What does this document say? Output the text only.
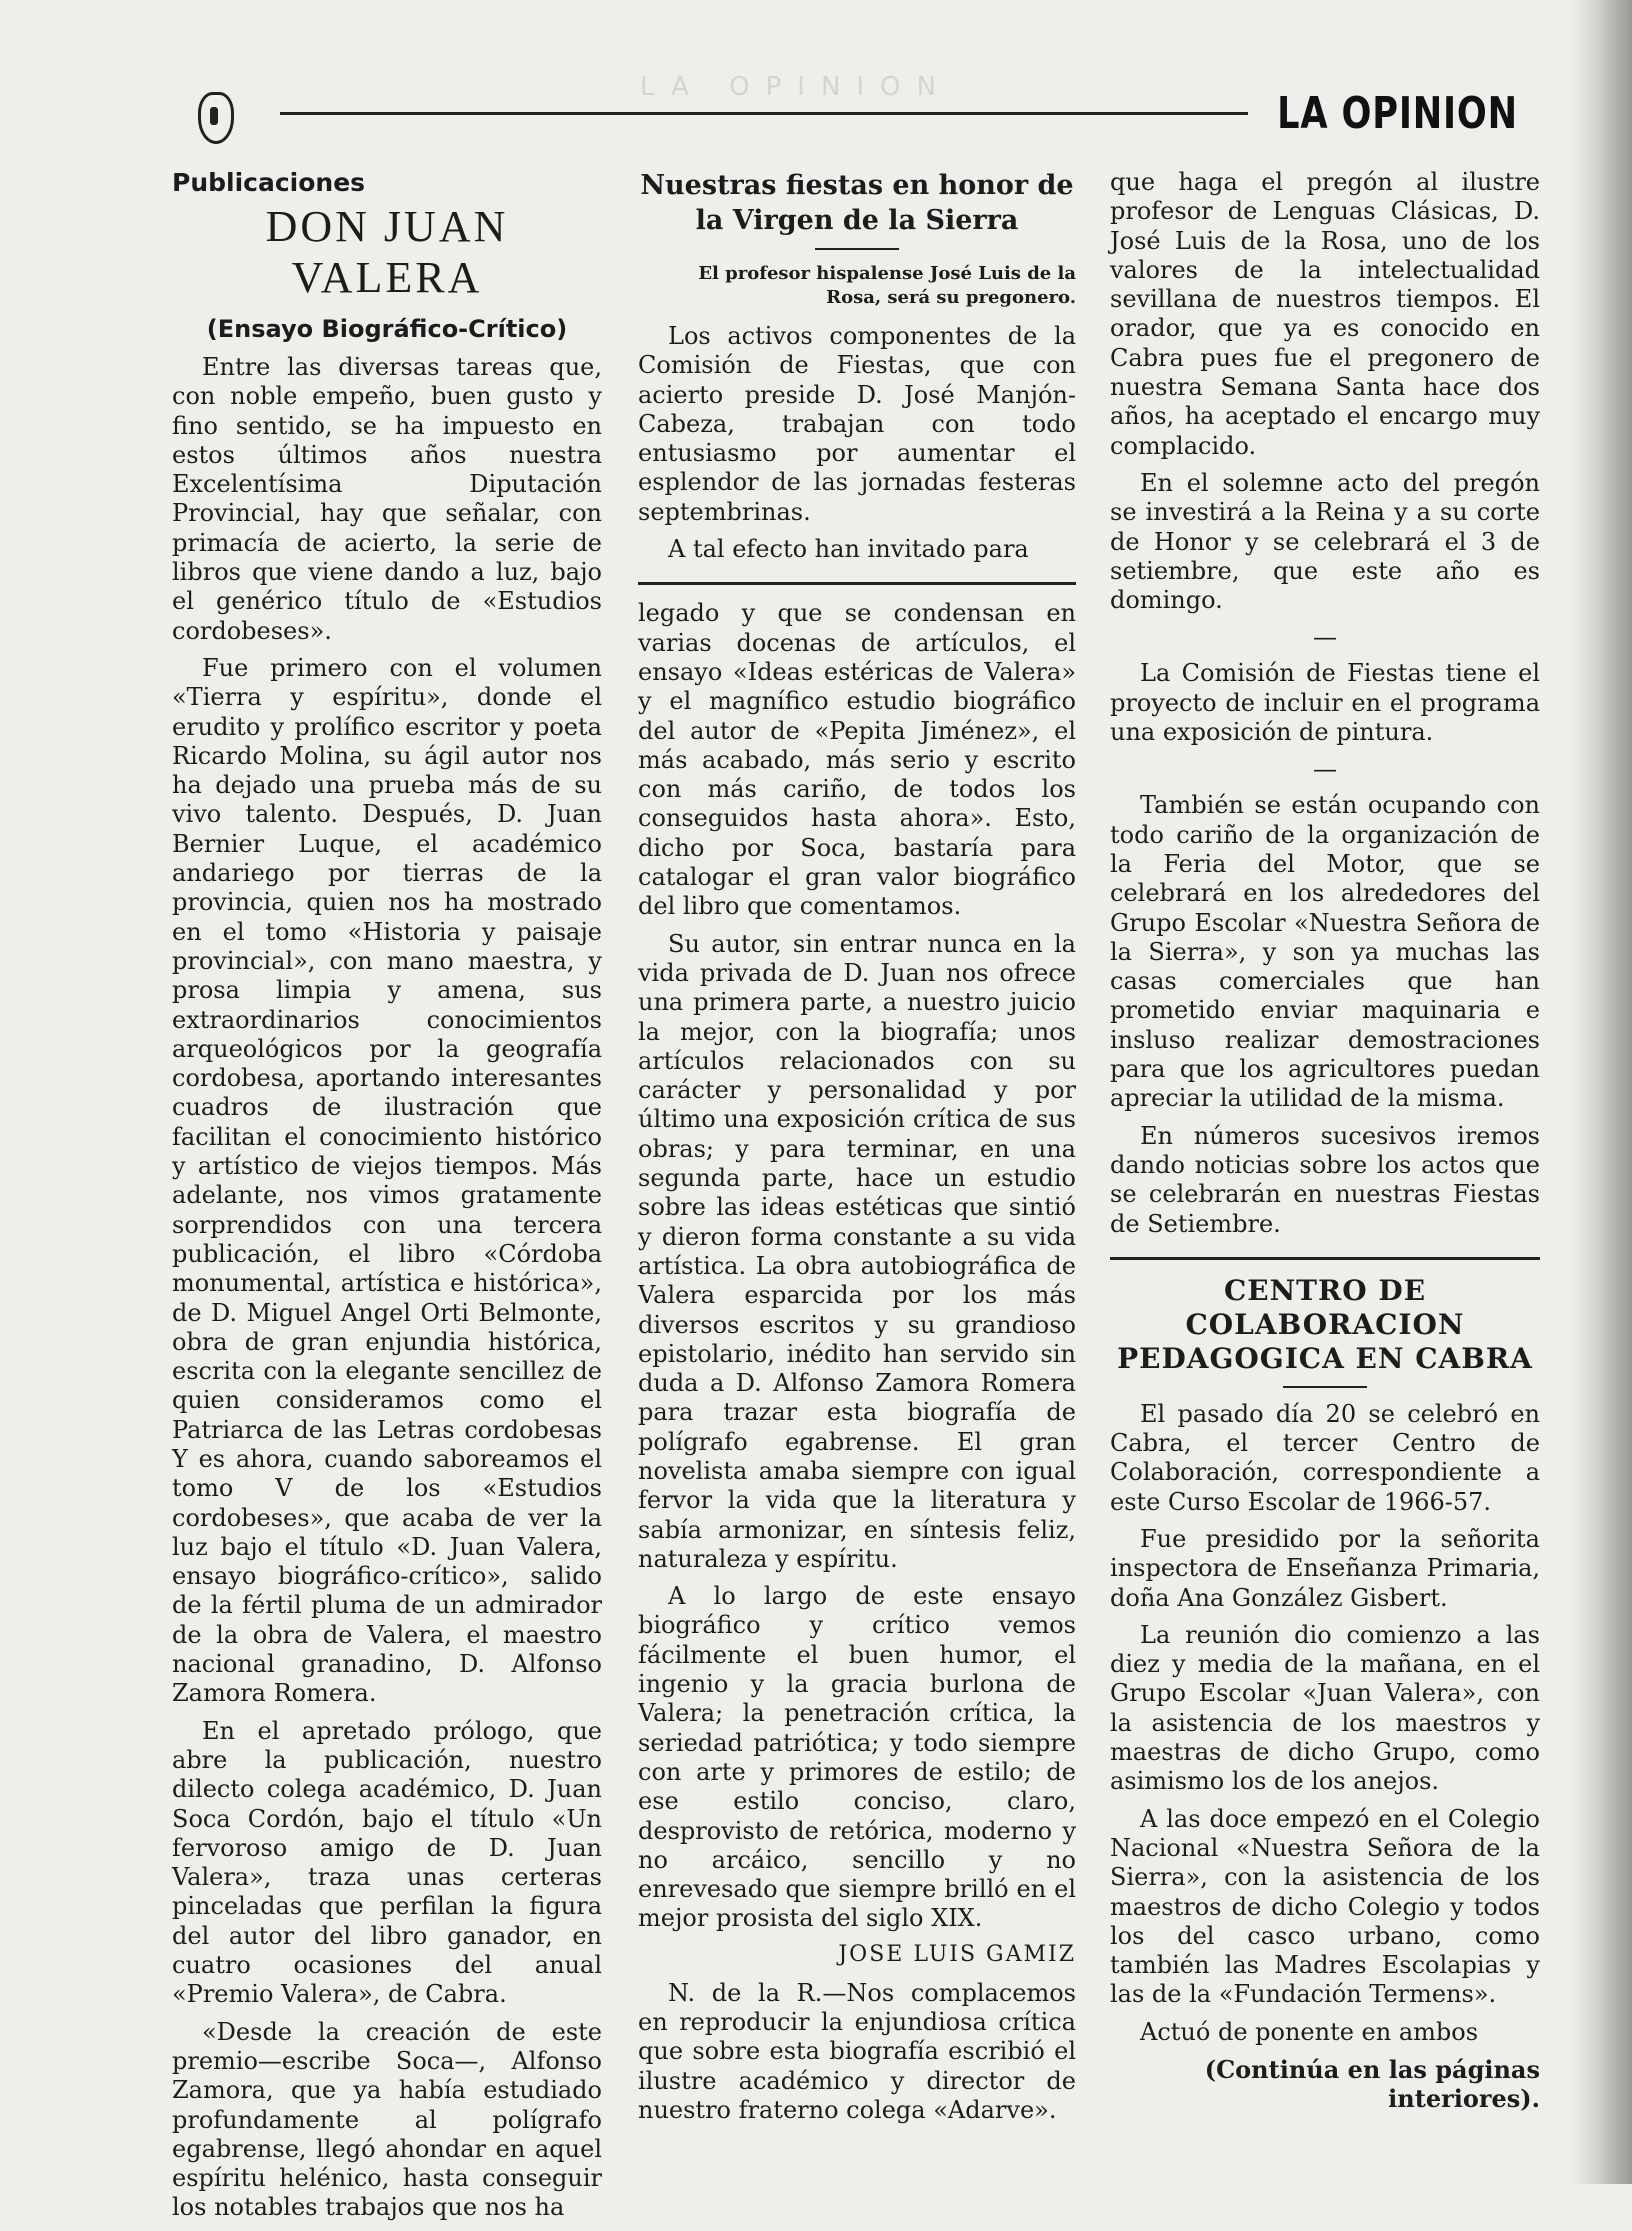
LA OPINION
LA OPINION
Publicaciones
DON JUAN VALERA
(Ensayo Biográfico-Crítico)

Entre las diversas tareas que, con noble empeño, buen gusto y fino sentido, se ha impuesto en estos últimos años nuestra Excelentísima Diputación Provincial, hay que señalar, con primacía de acierto, la serie de libros que viene dando a luz, bajo el genérico título de «Estudios cordobeses».

Fue primero con el volumen «Tierra y espíritu», donde el erudito y prolífico escritor y poeta Ricardo Molina, su ágil autor nos ha dejado una prueba más de su vivo talento. Después, D. Juan Bernier Luque, el académico andariego por tierras de la provincia, quien nos ha mostrado en el tomo «Historia y paisaje provincial», con mano maestra, y prosa limpia y amena, sus extraordinarios conocimientos arqueológicos por la geografía cordobesa, aportando interesantes cuadros de ilustración que facilitan el conocimiento histórico y artístico de viejos tiempos. Más adelante, nos vimos gratamente sorprendidos con una tercera publicación, el libro «Córdoba monumental, artística e histórica», de D. Miguel Angel Orti Belmonte, obra de gran enjundia histórica, escrita con la elegante sencillez de quien consideramos como el Patriarca de las Letras cordobesas Y es ahora, cuando saboreamos el tomo V de los «Estudios cordobeses», que acaba de ver la luz bajo el título «D. Juan Valera, ensayo biográfico-crítico», salido de la fértil pluma de un admirador de la obra de Valera, el maestro nacional granadino, D. Alfonso Zamora Romera.

En el apretado prólogo, que abre la publicación, nuestro dilecto colega académico, D. Juan Soca Cordón, bajo el título «Un fervoroso amigo de D. Juan Valera», traza unas certeras pinceladas que perfilan la figura del autor del libro ganador, en cuatro ocasiones del anual «Premio Valera», de Cabra.

«Desde la creación de este premio—escribe Soca—, Alfonso Zamora, que ya había estudiado profundamente al polígrafo egabrense, llegó ahondar en aquel espíritu helénico, hasta conseguir los notables trabajos que nos ha

Nuestras fiestas en honor de la Virgen de la Sierra
El profesor hispalense José Luis de la Rosa, será su pregonero.

Los activos componentes de la Comisión de Fiestas, que con acierto preside D. José Manjón-Cabeza, trabajan con todo entusiasmo por aumentar el esplendor de las jornadas festeras septembrinas.

A tal efecto han invitado para

legado y que se condensan en varias docenas de artículos, el ensayo «Ideas estéricas de Valera» y el magnífico estudio biográfico del autor de «Pepita Jiménez», el más acabado, más serio y escrito con más cariño, de todos los conseguidos hasta ahora». Esto, dicho por Soca, bastaría para catalogar el gran valor biográfico del libro que comentamos.

Su autor, sin entrar nunca en la vida privada de D. Juan nos ofrece una primera parte, a nuestro juicio la mejor, con la biografía; unos artículos relacionados con su carácter y personalidad y por último una exposición crítica de sus obras; y para terminar, en una segunda parte, hace un estudio sobre las ideas estéticas que sintió y dieron forma constante a su vida artística. La obra autobiográfica de Valera esparcida por los más diversos escritos y su grandioso epistolario, inédito han servido sin duda a D. Alfonso Zamora Romera para trazar esta biografía de polígrafo egabrense. El gran novelista amaba siempre con igual fervor la vida que la literatura y sabía armonizar, en síntesis feliz, naturaleza y espíritu.

A lo largo de este ensayo biográfico y crítico vemos fácilmente el buen humor, el ingenio y la gracia burlona de Valera; la penetración crítica, la seriedad patriótica; y todo siempre con arte y primores de estilo; de ese estilo conciso, claro, desprovisto de retórica, moderno y no arcáico, sencillo y no enrevesado que siempre brilló en el mejor prosista del siglo XIX.

JOSE LUIS GAMIZ

N. de la R.—Nos complacemos en reproducir la enjundiosa crítica que sobre esta biografía escribió el ilustre académico y director de nuestro fraterno colega «Adarve».

que haga el pregón al ilustre profesor de Lenguas Clásicas, D. José Luis de la Rosa, uno de los valores de la intelectualidad sevillana de nuestros tiempos. El orador, que ya es conocido en Cabra pues fue el pregonero de nuestra Semana Santa hace dos años, ha aceptado el encargo muy complacido.

En el solemne acto del pregón se investirá a la Reina y a su corte de Honor y se celebrará el 3 de setiembre, que este año es domingo.

—

La Comisión de Fiestas tiene el proyecto de incluir en el programa una exposición de pintura.

—

También se están ocupando con todo cariño de la organización de la Feria del Motor, que se celebrará en los alrededores del Grupo Escolar «Nuestra Señora de la Sierra», y son ya muchas las casas comerciales que han prometido enviar maquinaria e insluso realizar demostraciones para que los agricultores puedan apreciar la utilidad de la misma.

En números sucesivos iremos dando noticias sobre los actos que se celebrarán en nuestras Fiestas de Setiembre.

CENTRO DE COLABORACION PEDAGOGICA EN CABRA

El pasado día 20 se celebró en Cabra, el tercer Centro de Colaboración, correspondiente a este Curso Escolar de 1966-57.

Fue presidido por la señorita inspectora de Enseñanza Primaria, doña Ana González Gisbert.

La reunión dio comienzo a las diez y media de la mañana, en el Grupo Escolar «Juan Valera», con la asistencia de los maestros y maestras de dicho Grupo, como asimismo los de los anejos.

A las doce empezó en el Colegio Nacional «Nuestra Señora de la Sierra», con la asistencia de los maestros de dicho Colegio y todos los del casco urbano, como también las Madres Escolapias y las de la «Fundación Termens».

Actuó de ponente en ambos

(Continúa en las páginas interiores).
